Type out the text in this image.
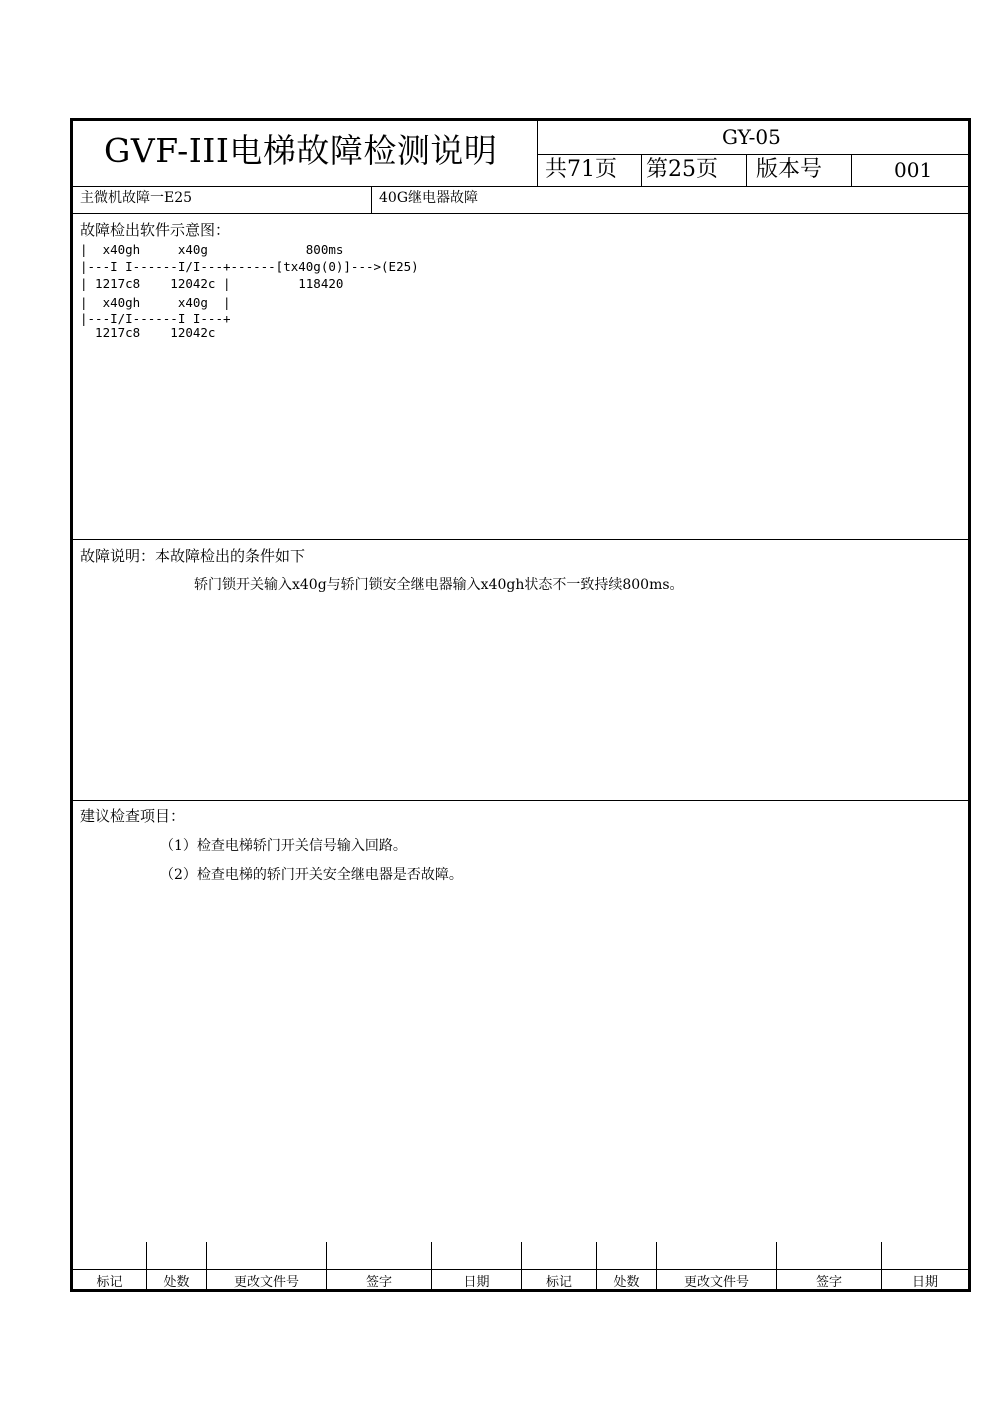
GVF-III电梯故障检测说明	GY-05
共71页 第25页 版本号	001
主微机故障一E25	40G继电器故障
故障检出软件示意图：
|  x40gh     x40g             800ms
|---I I------I/I---+------[tx40g(0)]--->(E25)
| 1217c8    12042c |         118420
|  x40gh     x40g  |
|---I/I------I I---+
1217c8    12042c
故障说明：本故障检出的条件如下
轿门锁开关输入x40g与轿门锁安全继电器输入x40gh状态不一致持续800ms。
建议检查项目：
（1）检查电梯轿门开关信号输入回路。
（2）检查电梯的轿门开关安全继电器是否故障。
标记	处数	更改文件号	签字	日期	标记	处数	更改文件号	签字	日期
